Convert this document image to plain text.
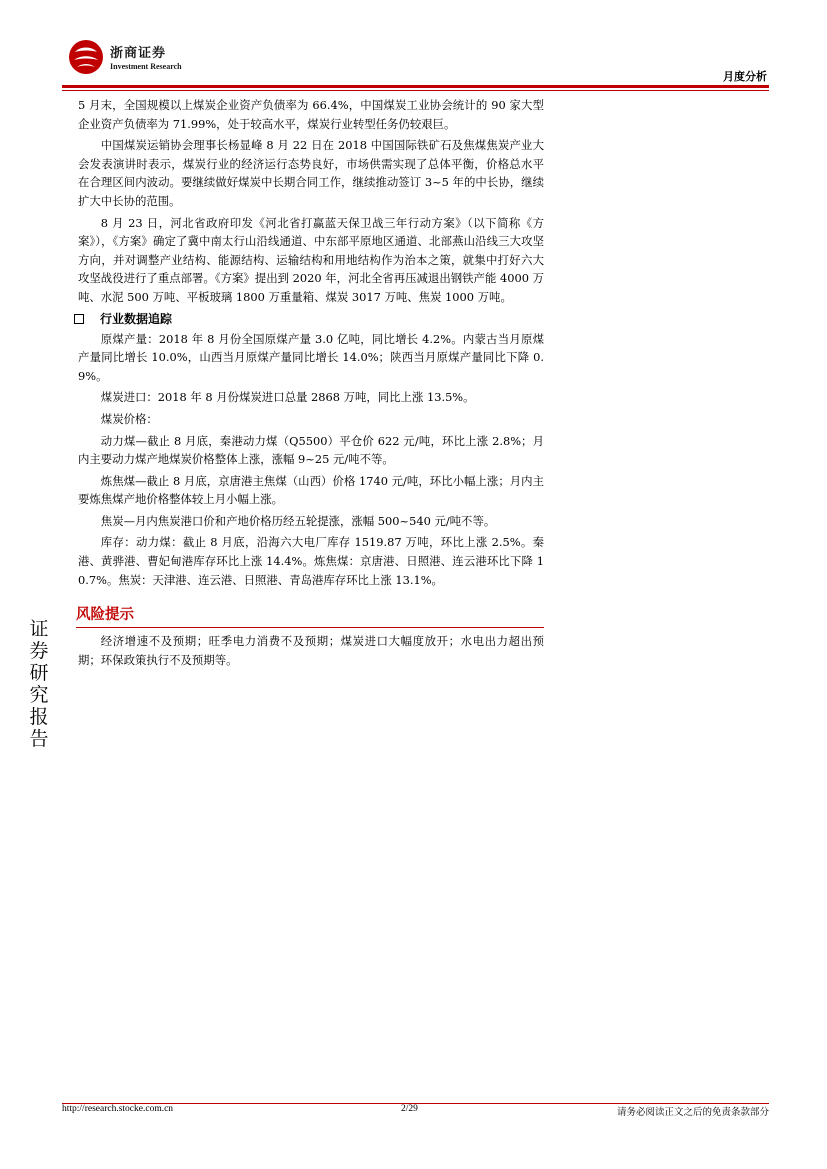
浙商证券
Investment Research
月度分析
证
券
研
究
报
告

5 月末，全国规模以上煤炭企业资产负债率为 66.4%，中国煤炭工业协会统计的 90 家大型企业资产负债率为 71.99%，处于较高水平，煤炭行业转型任务仍较艰巨。

中国煤炭运销协会理事长杨显峰 8 月 22 日在 2018 中国国际铁矿石及焦煤焦炭产业大会发表演讲时表示，煤炭行业的经济运行态势良好，市场供需实现了总体平衡，价格总水平在合理区间内波动。要继续做好煤炭中长期合同工作，继续推动签订 3~5 年的中长协，继续扩大中长协的范围。

8 月 23 日，河北省政府印发《河北省打赢蓝天保卫战三年行动方案》（以下简称《方案》），《方案》确定了冀中南太行山沿线通道、中东部平原地区通道、北部燕山沿线三大攻坚方向，并对调整产业结构、能源结构、运输结构和用地结构作为治本之策，就集中打好六大攻坚战役进行了重点部署。《方案》提出到 2020 年，河北全省再压减退出钢铁产能 4000 万吨、水泥 500 万吨、平板玻璃 1800 万重量箱、煤炭 3017 万吨、焦炭 1000 万吨。

行业数据追踪

原煤产量：2018 年 8 月份全国原煤产量 3.0 亿吨，同比增长 4.2%。内蒙古当月原煤产量同比增长 10.0%，山西当月原煤产量同比增长 14.0%；陕西当月原煤产量同比下降 0.9%。

煤炭进口：2018 年 8 月份煤炭进口总量 2868 万吨，同比上涨 13.5%。

煤炭价格：

动力煤—截止 8 月底，秦港动力煤（Q5500）平仓价 622 元/吨，环比上涨 2.8%；月内主要动力煤产地煤炭价格整体上涨，涨幅 9~25 元/吨不等。

炼焦煤—截止 8 月底，京唐港主焦煤（山西）价格 1740 元/吨，环比小幅上涨；月内主要炼焦煤产地价格整体较上月小幅上涨。

焦炭—月内焦炭港口价和产地价格历经五轮提涨，涨幅 500~540 元/吨不等。

库存：动力煤：截止 8 月底，沿海六大电厂库存 1519.87 万吨，环比上涨 2.5%。秦港、黄骅港、曹妃甸港库存环比上涨 14.4%。炼焦煤：京唐港、日照港、连云港环比下降 10.7%。焦炭：天津港、连云港、日照港、青岛港库存环比上涨 13.1%。

风险提示

经济增速不及预期；旺季电力消费不及预期；煤炭进口大幅度放开；水电出力超出预期；环保政策执行不及预期等。

http://research.stocke.com.cn	2/29	请务必阅读正文之后的免责条款部分
